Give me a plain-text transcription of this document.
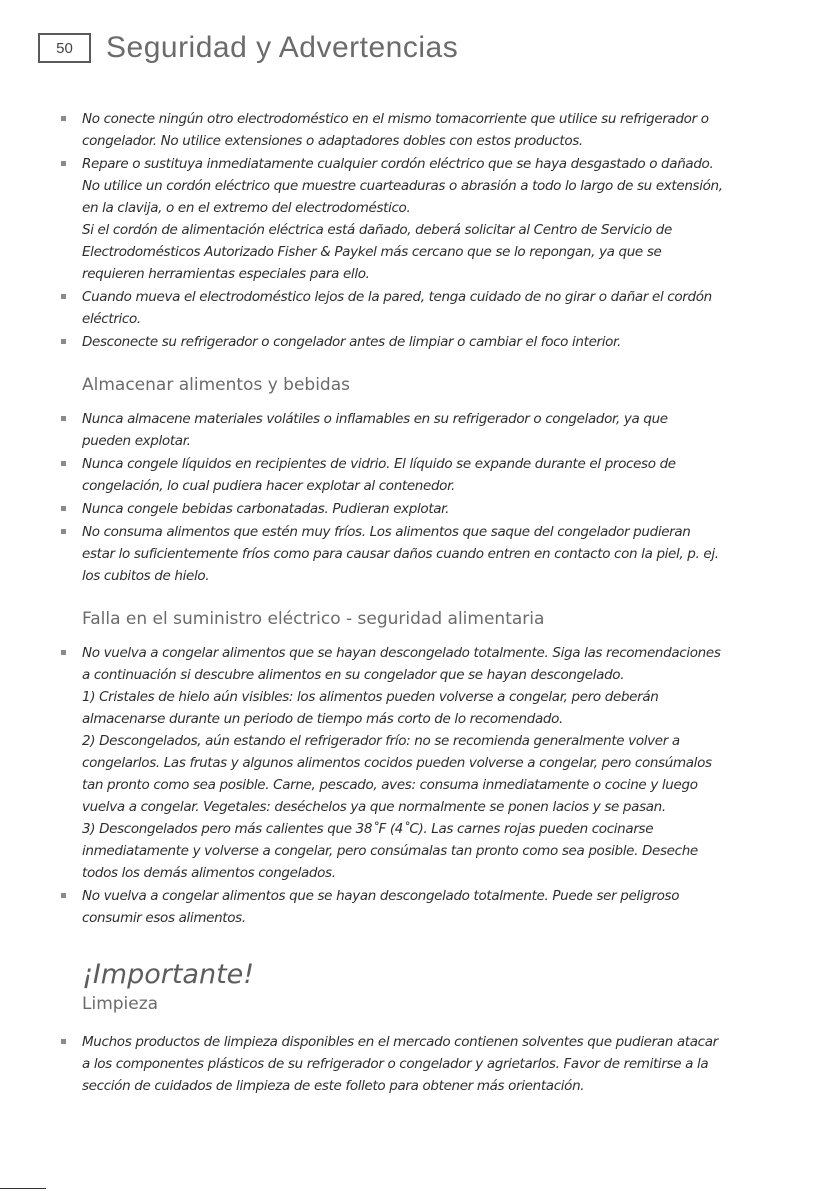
50	Seguridad y Advertencias
No conecte ningún otro electrodoméstico en el mismo tomacorriente que utilice su refrigerador o
congelador. No utilice extensiones o adaptadores dobles con estos productos.
Repare o sustituya inmediatamente cualquier cordón eléctrico que se haya desgastado o dañado.
No utilice un cordón eléctrico que muestre cuarteaduras o abrasión a todo lo largo de su extensión,
en la clavija, o en el extremo del electrodoméstico.
Si el cordón de alimentación eléctrica está dañado, deberá solicitar al Centro de Servicio de
Electrodomésticos Autorizado Fisher & Paykel más cercano que se lo repongan, ya que se
requieren herramientas especiales para ello.
Cuando mueva el electrodoméstico lejos de la pared, tenga cuidado de no girar o dañar el cordón
eléctrico.
Desconecte su refrigerador o congelador antes de limpiar o cambiar el foco interior.
Almacenar alimentos y bebidas
Nunca almacene materiales volátiles o inflamables en su refrigerador o congelador, ya que
pueden explotar.
Nunca congele líquidos en recipientes de vidrio. El líquido se expande durante el proceso de
congelación, lo cual pudiera hacer explotar al contenedor.
Nunca congele bebidas carbonatadas. Pudieran explotar.
No consuma alimentos que estén muy fríos. Los alimentos que saque del congelador pudieran
estar lo suficientemente fríos como para causar daños cuando entren en contacto con la piel, p. ej.
los cubitos de hielo.
Falla en el suministro eléctrico - seguridad alimentaria
No vuelva a congelar alimentos que se hayan descongelado totalmente. Siga las recomendaciones
a continuación si descubre alimentos en su congelador que se hayan descongelado.
1) Cristales de hielo aún visibles: los alimentos pueden volverse a congelar, pero deberán
almacenarse durante un periodo de tiempo más corto de lo recomendado.
2) Descongelados, aún estando el refrigerador frío: no se recomienda generalmente volver a
congelarlos. Las frutas y algunos alimentos cocidos pueden volverse a congelar, pero consúmalos
tan pronto como sea posible. Carne, pescado, aves: consuma inmediatamente o cocine y luego
vuelva a congelar. Vegetales: deséchelos ya que normalmente se ponen lacios y se pasan.
3) Descongelados pero más calientes que 38˚F (4˚C). Las carnes rojas pueden cocinarse
inmediatamente y volverse a congelar, pero consúmalas tan pronto como sea posible. Deseche
todos los demás alimentos congelados.
No vuelva a congelar alimentos que se hayan descongelado totalmente. Puede ser peligroso
consumir esos alimentos.
¡Importante!
Limpieza
Muchos productos de limpieza disponibles en el mercado contienen solventes que pudieran atacar
a los componentes plásticos de su refrigerador o congelador y agrietarlos. Favor de remitirse a la
sección de cuidados de limpieza de este folleto para obtener más orientación.
